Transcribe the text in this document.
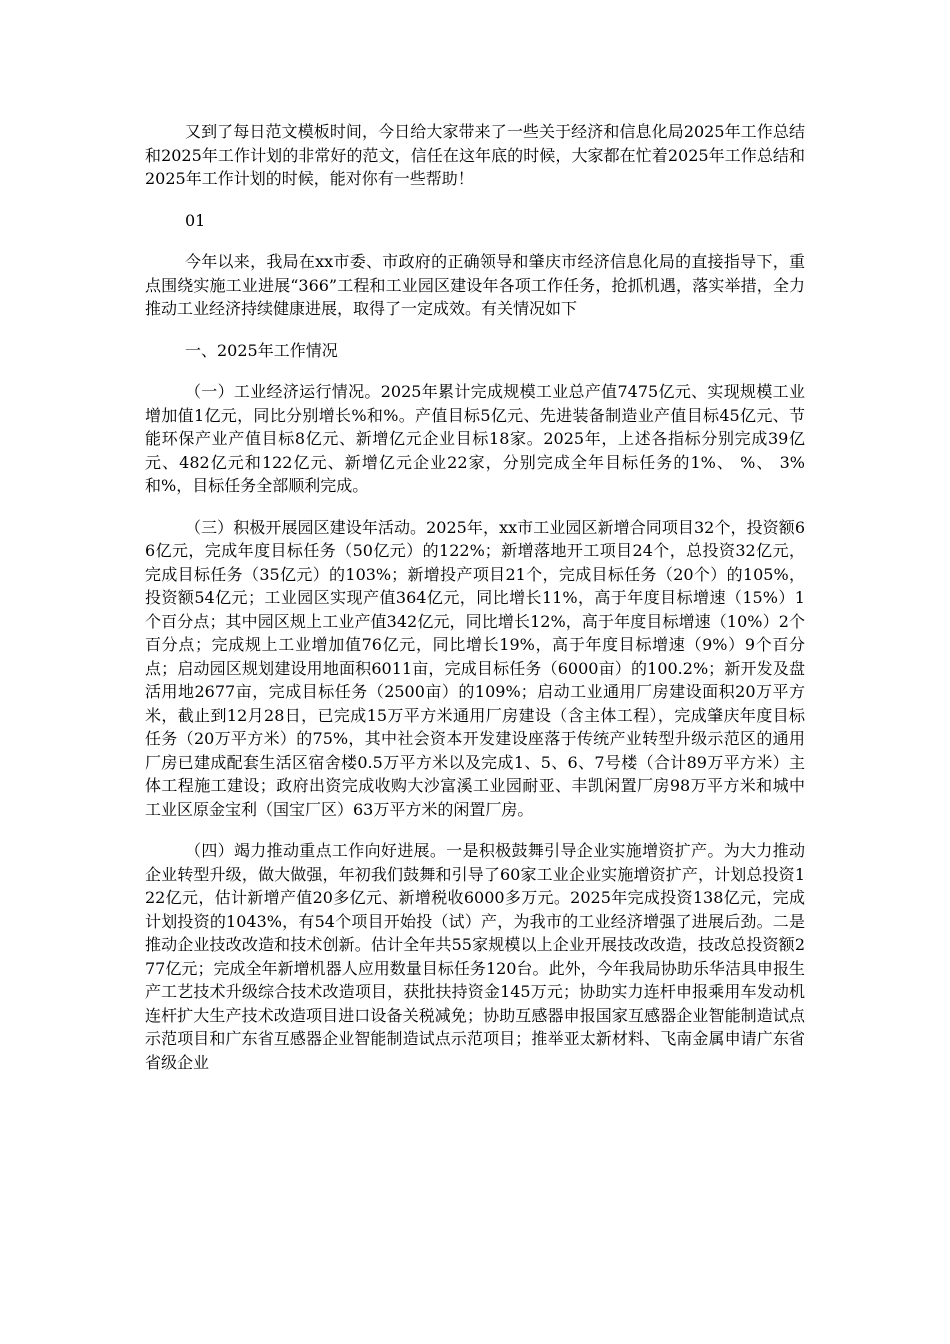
又到了每日范文模板时间，今日给大家带来了一些关于经济和信息化局2025年工作总结和2025年工作计划的非常好的范文，信任在这年底的时候，大家都在忙着2025年工作总结和2025年工作计划的时候，能对你有一些帮助！

01

今年以来，我局在xx市委、市政府的正确领导和肇庆市经济信息化局的直接指导下，重点围绕实施工业进展“366”工程和工业园区建设年各项工作任务，抢抓机遇，落实举措，全力推动工业经济持续健康进展，取得了一定成效。有关情况如下

一、2025年工作情况

（一）工业经济运行情况。2025年累计完成规模工业总产值7475亿元、实现规模工业增加值1亿元，同比分别增长%和%。产值目标5亿元、先进装备制造业产值目标45亿元、节能环保产业产值目标8亿元、新增亿元企业目标18家。2025年，上述各指标分别完成39亿元、482亿元和122亿元、新增亿元企业22家，分别完成全年目标任务的1%、 %、 3%和%，目标任务全部顺利完成。

（三）积极开展园区建设年活动。2025年，xx市工业园区新增合同项目32个，投资额66亿元，完成年度目标任务（50亿元）的122%；新增落地开工项目24个，总投资32亿元，完成目标任务（35亿元）的103%；新增投产项目21个，完成目标任务（20个）的105%，投资额54亿元；工业园区实现产值364亿元，同比增长11%，高于年度目标增速（15%）1个百分点；其中园区规上工业产值342亿元，同比增长12%，高于年度目标增速（10%）2个百分点；完成规上工业增加值76亿元，同比增长19%，高于年度目标增速（9%）9个百分点；启动园区规划建设用地面积6011亩，完成目标任务（6000亩）的100.2%；新开发及盘活用地2677亩，完成目标任务（2500亩）的109%；启动工业通用厂房建设面积20万平方米，截止到12月28日，已完成15万平方米通用厂房建设（含主体工程），完成肇庆年度目标任务（20万平方米）的75%，其中社会资本开发建设座落于传统产业转型升级示范区的通用厂房已建成配套生活区宿舍楼0.5万平方米以及完成1、5、6、7号楼（合计89万平方米）主体工程施工建设；政府出资完成收购大沙富溪工业园耐亚、丰凯闲置厂房98万平方米和城中工业区原金宝利（国宝厂区）63万平方米的闲置厂房。

（四）竭力推动重点工作向好进展。一是积极鼓舞引导企业实施增资扩产。为大力推动企业转型升级，做大做强，年初我们鼓舞和引导了60家工业企业实施增资扩产，计划总投资122亿元，估计新增产值20多亿元、新增税收6000多万元。2025年完成投资138亿元，完成计划投资的1043%，有54个项目开始投（试）产，为我市的工业经济增强了进展后劲。二是推动企业技改改造和技术创新。估计全年共55家规模以上企业开展技改改造，技改总投资额277亿元；完成全年新增机器人应用数量目标任务120台。此外，今年我局协助乐华洁具申报生产工艺技术升级综合技术改造项目，获批扶持资金145万元；协助实力连杆申报乘用车发动机连杆扩大生产技术改造项目进口设备关税减免；协助互感器申报国家互感器企业智能制造试点示范项目和广东省互感器企业智能制造试点示范项目；推举亚太新材料、飞南金属申请广东省省级企业
